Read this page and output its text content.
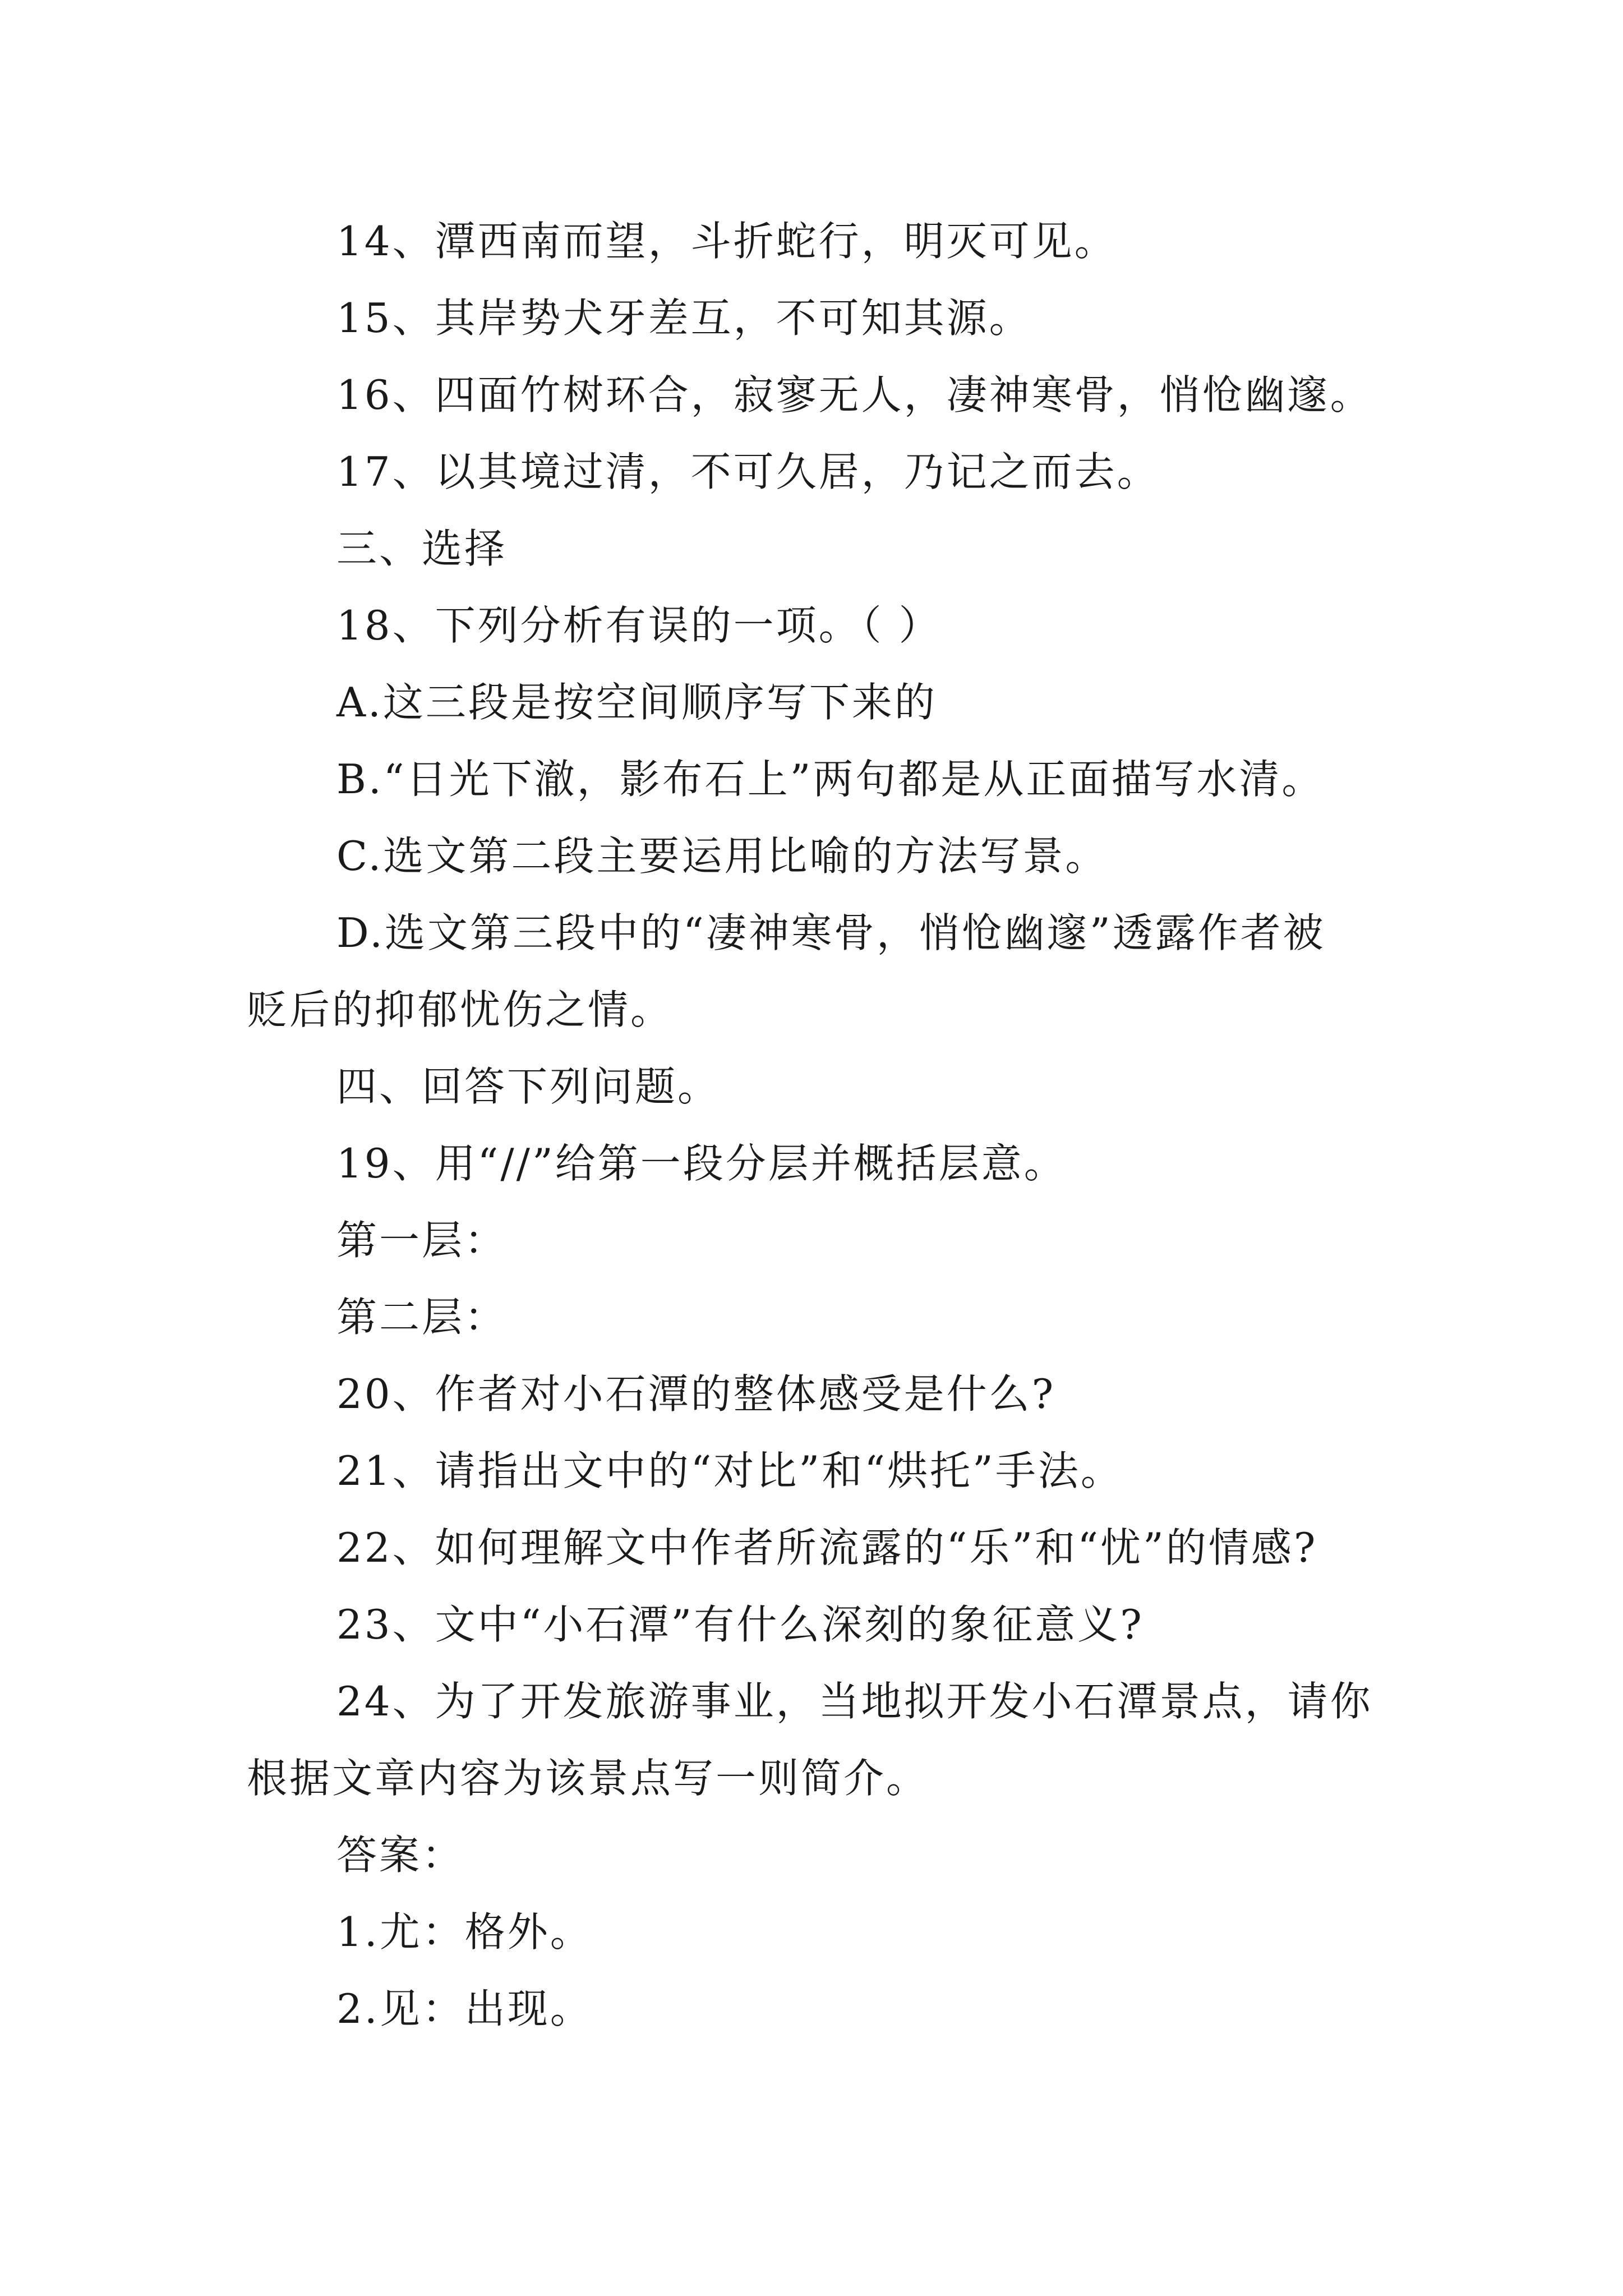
14、潭西南而望，斗折蛇行，明灭可见。
15、其岸势犬牙差互，不可知其源。
16、四面竹树环合，寂寥无人，凄神寒骨，悄怆幽邃。
17、以其境过清，不可久居，乃记之而去。
三、选择
18、下列分析有误的一项。（ ）
A.这三段是按空间顺序写下来的
B.“日光下澈，影布石上”两句都是从正面描写水清。
C.选文第二段主要运用比喻的方法写景。
D.选文第三段中的“凄神寒骨，悄怆幽邃”透露作者被
贬后的抑郁忧伤之情。
四、回答下列问题。
19、用“//”给第一段分层并概括层意。
第一层：
第二层：
20、作者对小石潭的整体感受是什么?
21、请指出文中的“对比”和“烘托”手法。
22、如何理解文中作者所流露的“乐”和“忧”的情感?
23、文中“小石潭”有什么深刻的象征意义?
24、为了开发旅游事业，当地拟开发小石潭景点，请你
根据文章内容为该景点写一则简介。
答案：
1.尤：格外。
2.见：出现。
